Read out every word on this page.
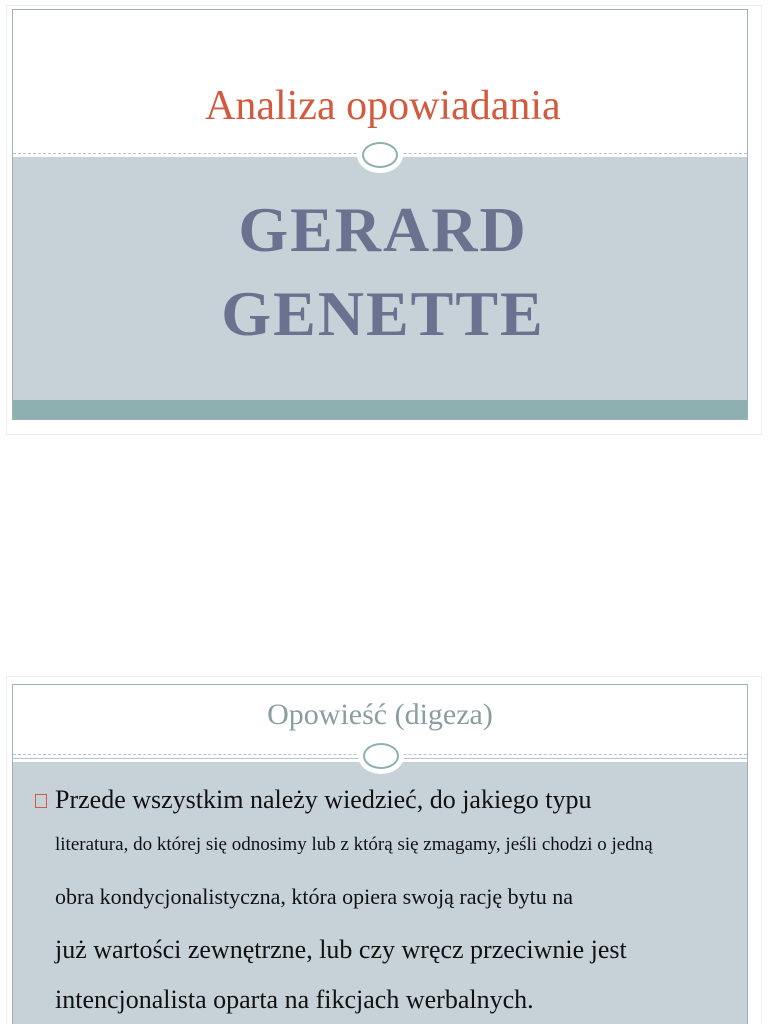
Analiza opowiadania
GERARD
GENETTE
Opowieść (digeza)
Przede wszystkim należy wiedzieć, do jakiego typu
literatura, do której się odnosimy lub z którą się zmagamy, jeśli chodzi o jedną
obra kondycjonalistyczna, która opiera swoją rację bytu na
już wartości zewnętrzne, lub czy wręcz przeciwnie jest
intencjonalista oparta na fikcjach werbalnych.
